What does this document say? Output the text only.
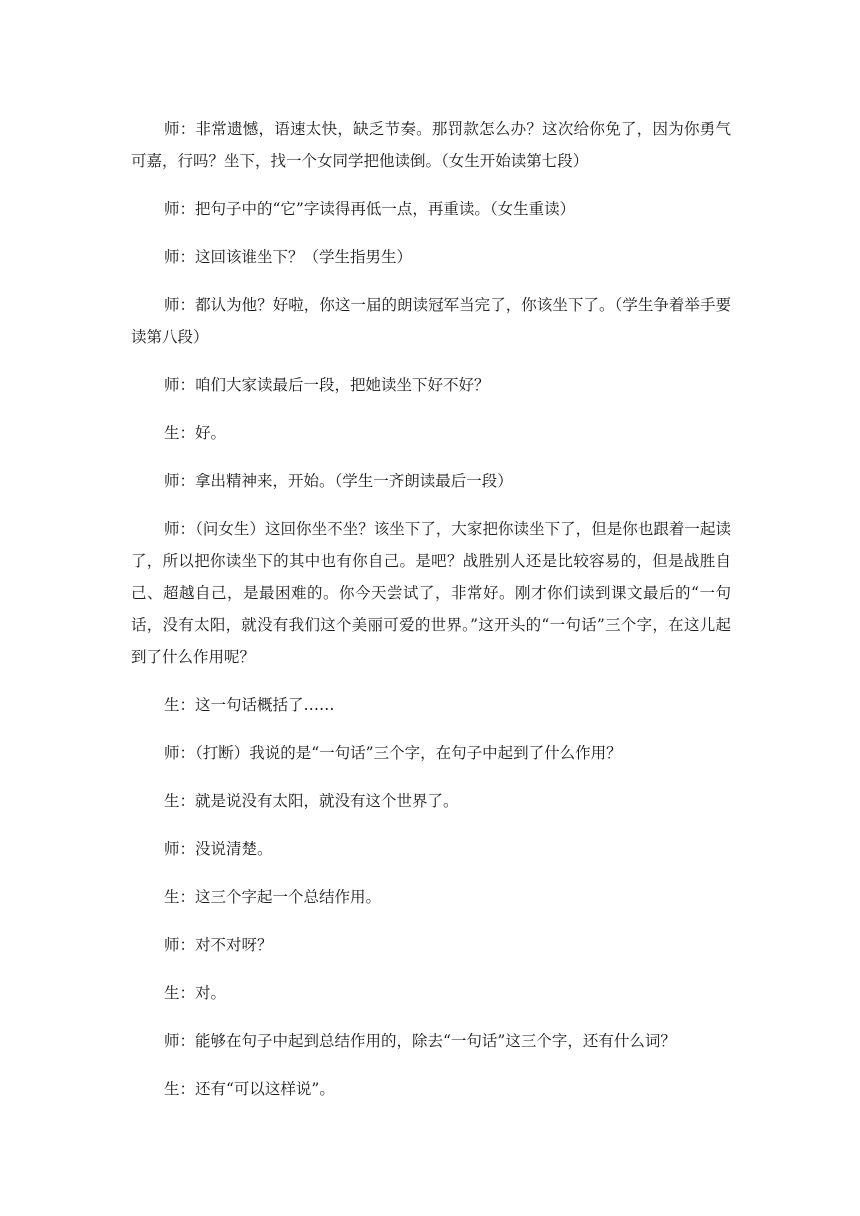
师：非常遗憾，语速太快，缺乏节奏。那罚款怎么办？这次给你免了，因为你勇气可嘉，行吗？坐下，找一个女同学把他读倒。（女生开始读第七段）

师：把句子中的“它”字读得再低一点，再重读。（女生重读）

师：这回该谁坐下？（学生指男生）

师：都认为他？好啦，你这一届的朗读冠军当完了，你该坐下了。（学生争着举手要读第八段）

师：咱们大家读最后一段，把她读坐下好不好？

生：好。

师：拿出精神来，开始。（学生一齐朗读最后一段）

师：（问女生）这回你坐不坐？该坐下了，大家把你读坐下了，但是你也跟着一起读了，所以把你读坐下的其中也有你自己。是吧？战胜别人还是比较容易的，但是战胜自己、超越自己，是最困难的。你今天尝试了，非常好。刚才你们读到课文最后的“一句话，没有太阳，就没有我们这个美丽可爱的世界。”这开头的“一句话”三个字，在这儿起到了什么作用呢？

生：这一句话概括了……

师：（打断）我说的是“一句话”三个字，在句子中起到了什么作用？

生：就是说没有太阳，就没有这个世界了。

师：没说清楚。

生：这三个字起一个总结作用。

师：对不对呀？

生：对。

师：能够在句子中起到总结作用的，除去“一句话”这三个字，还有什么词？

生：还有“可以这样说”。
